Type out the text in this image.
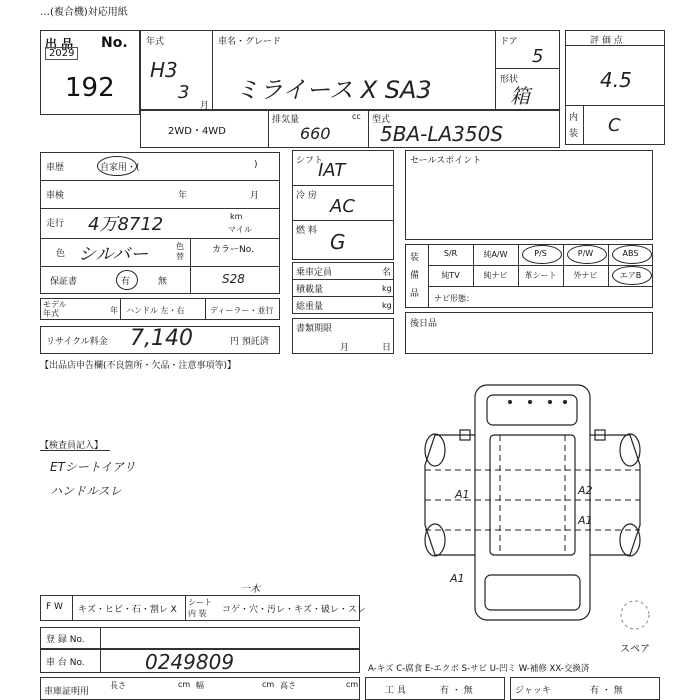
…(複合機)対応用紙
出 品 No.
2029
192
年式
H3
3
月
車名・グレード
ミライース X SA3
ドア
5
形状
箱
2WD・4WD
排気量
660
cc 型式
5BA-LA350S
評 価 点
4.5
内
装 C
車歴	自家用・(	)
車検	年	月
走行 4万8712	km
マイル
色 シルバー	色替
カラーNo.
S28
保証書	有	無
モデル年式	年 ハンドル 左・右	ディーラー・並行
リサイクル料金 7,140	円 預託済
【出品店申告欄(不良箇所・欠品・注意事項等)】
シフト
IAT
冷 房 AC
燃 料 G
乗車定員	名
積載量	kg
総重量	kg
書類期限
月	日
セールスポイント
装
備
品
S/R	純A/W	P/S	P/W	ABS
純TV	純ナビ	革シート	外ナビ	エアB
ナビ形態：
後日品
【検査員記入】
ETシートイアリ
ハンドルスレ	A1	A2
A1
A1
スペア
F W キズ・ヒビ・石・割レ X
シート
内 装 コゲ・穴・汚レ・キズ・破レ・スレ
一木
登 録 No.
車 台 No.	0249809
車庫証明用
長さ	cm 幅	cm 高さ	cm
A-キズ C-腐食 E-エクボ S-サビ U-凹ミ W-補修 XX-交換済
工 具	有 ・ 無	ジャッキ	有 ・ 無
